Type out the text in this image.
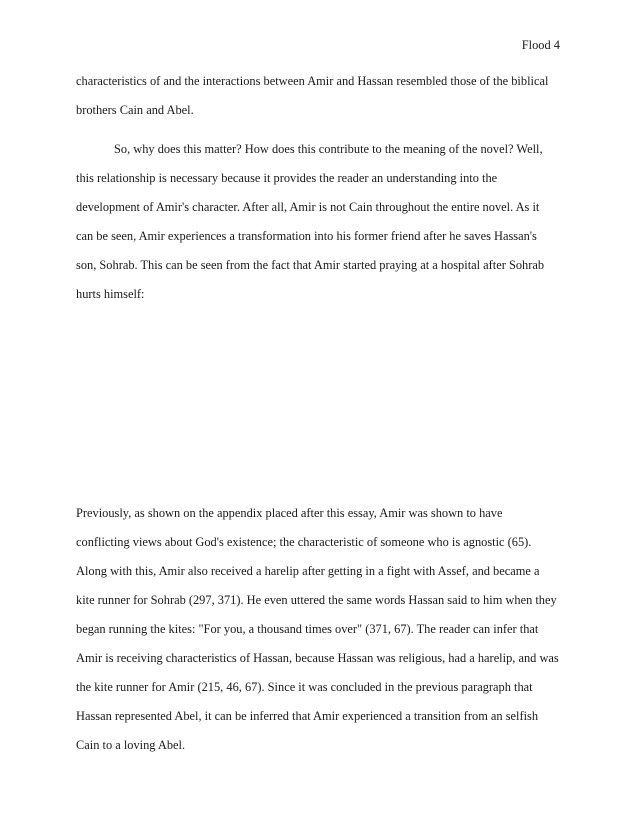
Flood 4
characteristics of and the interactions between Amir and Hassan resembled those of the biblical
brothers Cain and Abel.
So, why does this matter? How does this contribute to the meaning of the novel? Well,
this relationship is necessary because it provides the reader an understanding into the
development of Amir's character. After all, Amir is not Cain throughout the entire novel. As it
can be seen, Amir experiences a transformation into his former friend after he saves Hassan's
son, Sohrab. This can be seen from the fact that Amir started praying at a hospital after Sohrab
hurts himself:
Previously, as shown on the appendix placed after this essay, Amir was shown to have
conflicting views about God's existence; the characteristic of someone who is agnostic (65).
Along with this, Amir also received a harelip after getting in a fight with Assef, and became a
kite runner for Sohrab (297, 371). He even uttered the same words Hassan said to him when they
began running the kites: "For you, a thousand times over" (371, 67). The reader can infer that
Amir is receiving characteristics of Hassan, because Hassan was religious, had a harelip, and was
the kite runner for Amir (215, 46, 67). Since it was concluded in the previous paragraph that
Hassan represented Abel, it can be inferred that Amir experienced a transition from an selfish
Cain to a loving Abel.
